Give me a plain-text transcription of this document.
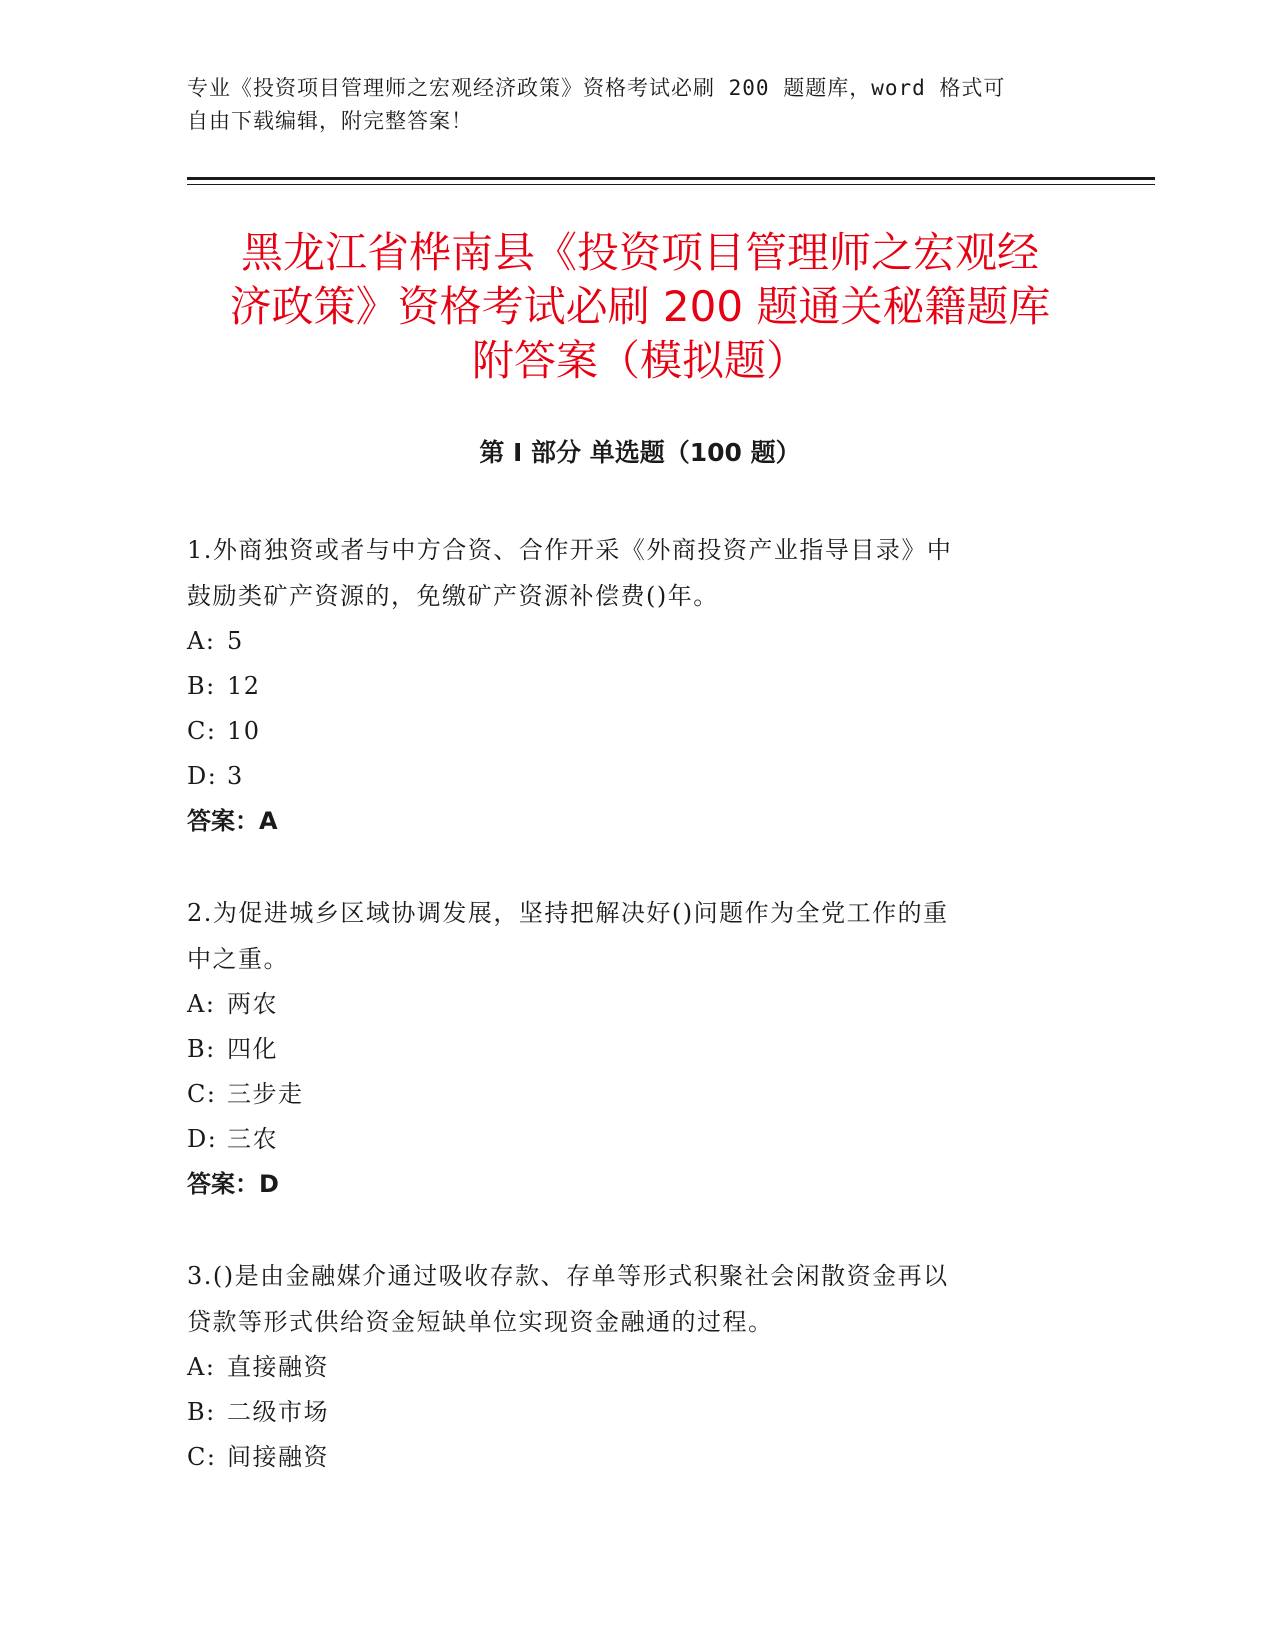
专业《投资项目管理师之宏观经济政策》资格考试必刷 200 题题库，word 格式可
自由下载编辑，附完整答案！

黑龙江省桦南县《投资项目管理师之宏观经
济政策》资格考试必刷 200 题通关秘籍题库
附答案（模拟题）
第 I 部分 单选题（100 题）

1.外商独资或者与中方合资、合作开采《外商投资产业指导目录》中
鼓励类矿产资源的，免缴矿产资源补偿费()年。

A: 5

B: 12

C: 10

D: 3

答案：A

2.为促进城乡区域协调发展，坚持把解决好()问题作为全党工作的重
中之重。

A: 两农

B: 四化

C: 三步走

D: 三农

答案：D

3.()是由金融媒介通过吸收存款、存单等形式积聚社会闲散资金再以
贷款等形式供给资金短缺单位实现资金融通的过程。

A: 直接融资

B: 二级市场

C: 间接融资
